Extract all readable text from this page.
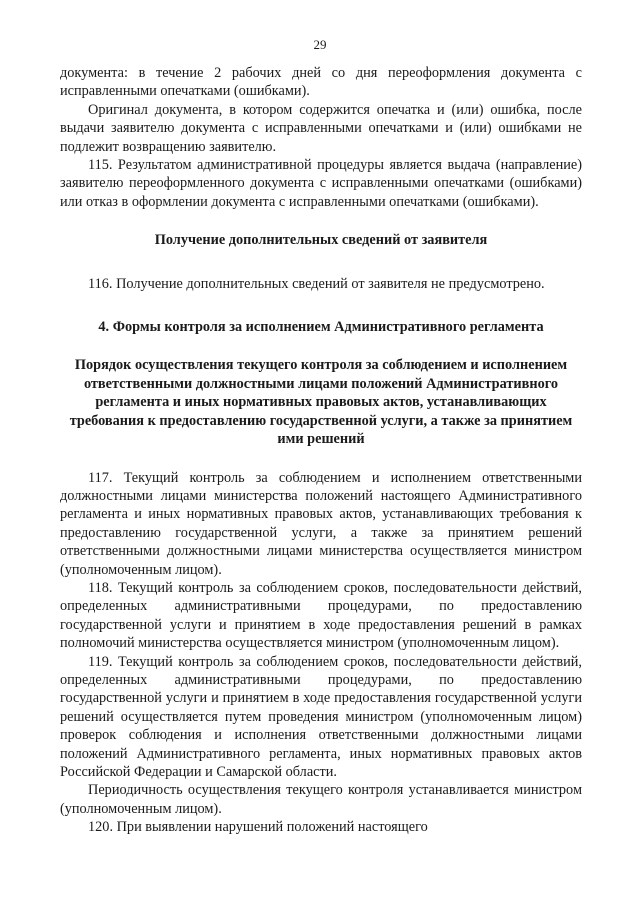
29

документа: в течение 2 рабочих дней со дня переоформления документа с исправленными опечатками (ошибками).

Оригинал документа, в котором содержится опечатка и (или) ошибка, после выдачи заявителю документа с исправленными опечатками и (или) ошибками не подлежит возвращению заявителю.

115. Результатом административной процедуры является выдача (направление) заявителю переоформленного документа с исправленными опечатками (ошибками) или отказ в оформлении документа с исправленными опечатками (ошибками).

Получение дополнительных сведений от заявителя

116. Получение дополнительных сведений от заявителя не предусмотрено.

4. Формы контроля за исполнением Административного регламента

Порядок осуществления текущего контроля за соблюдением и исполнением ответственными должностными лицами положений Административного регламента и иных нормативных правовых актов, устанавливающих требования к предоставлению государственной услуги, а также за принятием ими решений

117. Текущий контроль за соблюдением и исполнением ответственными должностными лицами министерства положений настоящего Административного регламента и иных нормативных правовых актов, устанавливающих требования к предоставлению государственной услуги, а также за принятием решений ответственными должностными лицами министерства осуществляется министром (уполномоченным лицом).

118. Текущий контроль за соблюдением сроков, последовательности действий, определенных административными процедурами, по предоставлению государственной услуги и принятием в ходе предоставления решений в рамках полномочий министерства осуществляется министром (уполномоченным лицом).

119. Текущий контроль за соблюдением сроков, последовательности действий, определенных административными процедурами, по предоставлению государственной услуги и принятием в ходе предоставления государственной услуги решений осуществляется путем проведения министром (уполномоченным лицом) проверок соблюдения и исполнения ответственными должностными лицами положений Административного регламента, иных нормативных правовых актов Российской Федерации и Самарской области.

Периодичность осуществления текущего контроля устанавливается министром (уполномоченным лицом).

120. При выявлении нарушений положений настоящего
